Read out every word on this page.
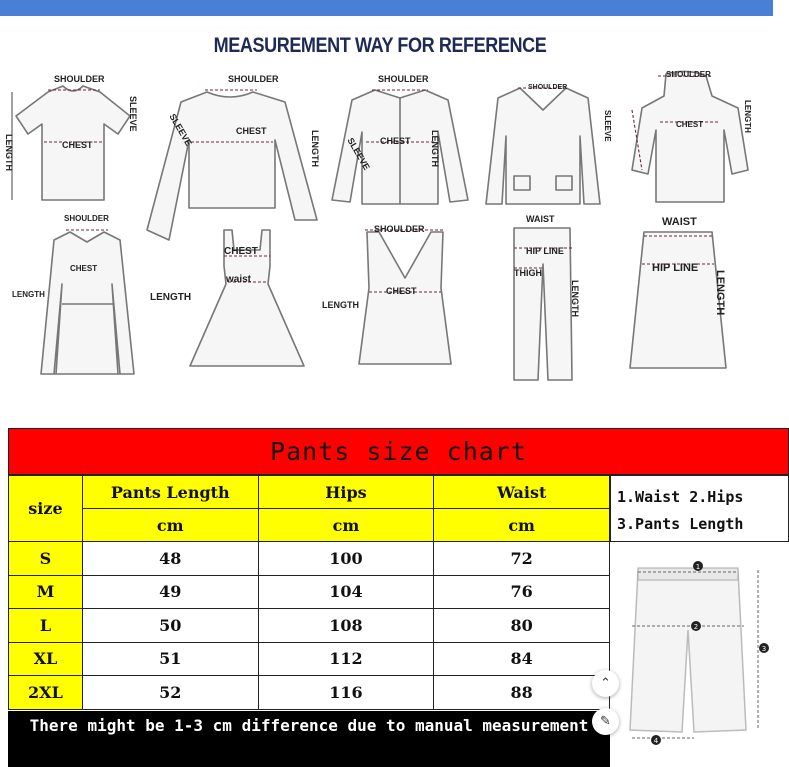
MEASUREMENT WAY FOR REFERENCE
SHOULDER
CHEST
SLEEVE
LENGTH
SHOULDER
CHEST
SLEEVE
LENGTH
SHOULDER
CHEST
SLEEVE	LENGTH
SHOULDER
SHOULDER
CHEST
SLEEVE	LENGTH
SHOULDER
CHEST
LENGTH
CHEST
waist
LENGTH
SHOULDER
CHEST
LENGTH
WAIST
HIP LINE
THIGH
LENGTH
WAIST
HIP LINE
LENGTH
Pants size chart
size	Pants Length	Hips	Waist
	cm	cm	cm
S	48	100	72
M	49	104	76
L	50	108	80
XL	51	112	84
2XL	52	116	88
There might be 1-3 cm difference due to manual measurement
1.Waist 2.Hips
3.Pants Length
1
2
3
4
⌃
✎
